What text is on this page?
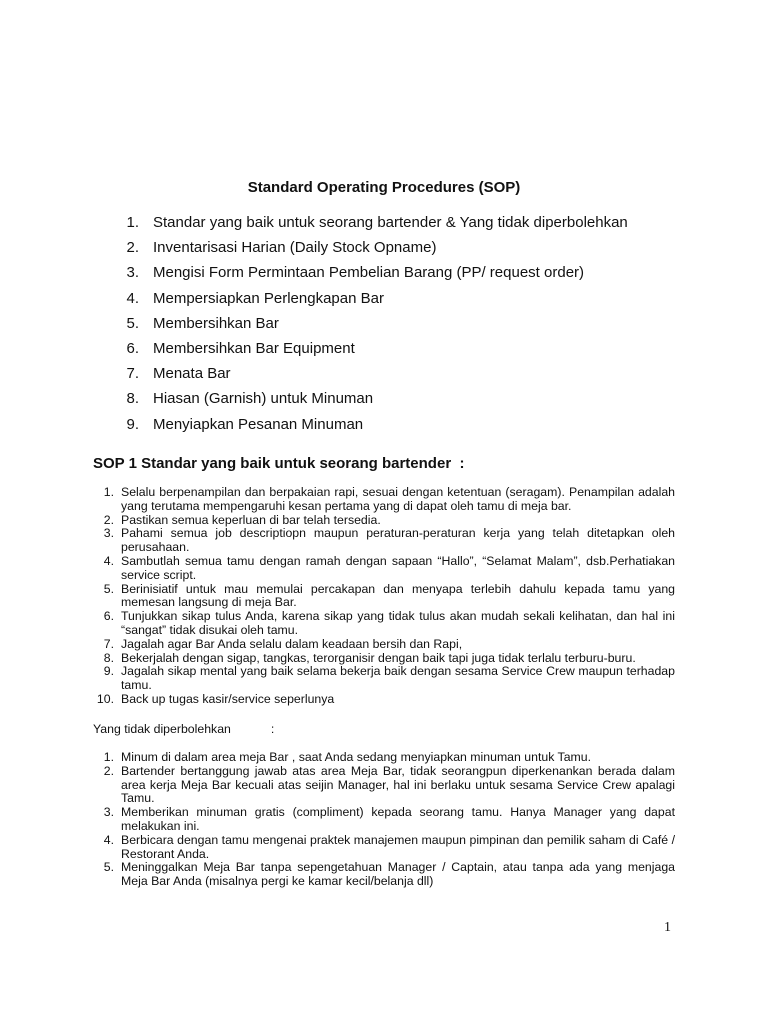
Standard Operating Procedures (SOP)
1. Standar yang baik untuk seorang bartender & Yang tidak diperbolehkan
2. Inventarisasi Harian (Daily Stock Opname)
3. Mengisi Form Permintaan Pembelian Barang (PP/ request order)
4. Mempersiapkan Perlengkapan Bar
5. Membersihkan Bar
6. Membersihkan Bar Equipment
7. Menata Bar
8. Hiasan (Garnish) untuk Minuman
9. Menyiapkan Pesanan Minuman
SOP 1 Standar yang baik untuk seorang bartender  :
1. Selalu berpenampilan dan berpakaian rapi, sesuai dengan ketentuan (seragam). Penampilan adalah yang terutama mempengaruhi kesan pertama yang di dapat oleh tamu di meja bar.
2. Pastikan semua keperluan di bar telah tersedia.
3. Pahami semua job descriptiopn maupun peraturan-peraturan kerja yang telah ditetapkan oleh perusahaan.
4. Sambutlah semua tamu dengan ramah dengan sapaan “Hallo”, “Selamat Malam”, dsb.Perhatiakan service script.
5. Berinisiatif untuk mau memulai percakapan dan menyapa terlebih dahulu kepada tamu yang memesan langsung di meja Bar.
6. Tunjukkan sikap tulus Anda, karena sikap yang tidak tulus akan mudah sekali kelihatan, dan hal ini “sangat” tidak disukai oleh tamu.
7. Jagalah agar Bar Anda selalu dalam keadaan bersih dan Rapi,
8. Bekerjalah dengan sigap, tangkas, terorganisir dengan baik tapi juga tidak terlalu terburu-buru.
9. Jagalah sikap mental yang baik selama bekerja baik dengan sesama Service Crew maupun terhadap tamu.
10. Back up tugas kasir/service seperlunya
Yang tidak diperbolehkan	:
1. Minum di dalam area meja Bar , saat Anda sedang menyiapkan minuman untuk Tamu.
2. Bartender bertanggung jawab atas area Meja Bar, tidak seorangpun diperkenankan berada dalam area kerja Meja Bar kecuali atas seijin Manager, hal ini berlaku untuk sesama Service Crew apalagi Tamu.
3. Memberikan minuman gratis (compliment) kepada seorang tamu. Hanya Manager yang dapat melakukan ini.
4. Berbicara dengan tamu mengenai praktek manajemen maupun pimpinan dan pemilik saham di Café / Restorant Anda.
5. Meninggalkan Meja Bar tanpa sepengetahuan Manager / Captain, atau tanpa ada yang menjaga Meja Bar Anda (misalnya pergi ke kamar kecil/belanja dll)
1
